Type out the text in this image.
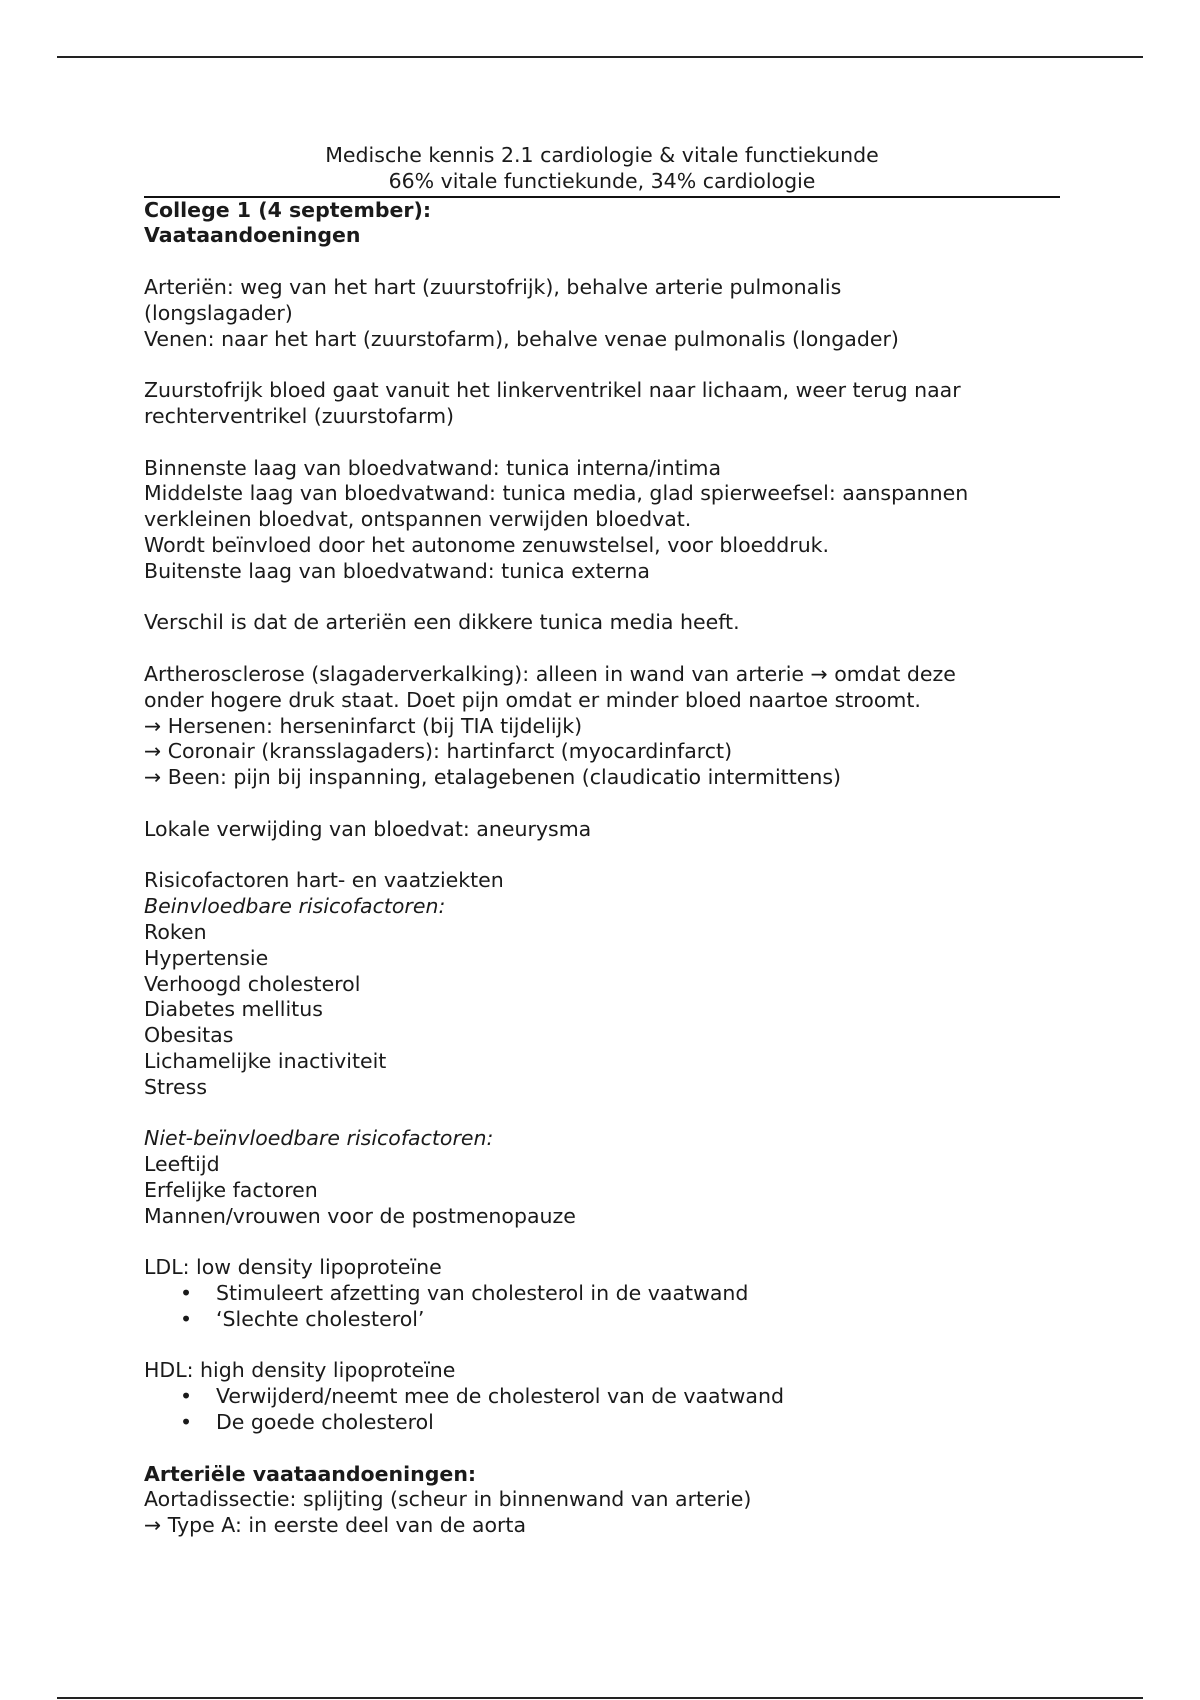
Medische kennis 2.1 cardiologie & vitale functiekunde
66% vitale functiekunde, 34% cardiologie
College 1 (4 september):
Vaataandoeningen
Arteriën: weg van het hart (zuurstofrijk), behalve arterie pulmonalis
(longslagader)
Venen: naar het hart (zuurstofarm), behalve venae pulmonalis (longader)
Zuurstofrijk bloed gaat vanuit het linkerventrikel naar lichaam, weer terug naar
rechterventrikel (zuurstofarm)
Binnenste laag van bloedvatwand: tunica interna/intima
Middelste laag van bloedvatwand: tunica media, glad spierweefsel: aanspannen
verkleinen bloedvat, ontspannen verwijden bloedvat.
Wordt beïnvloed door het autonome zenuwstelsel, voor bloeddruk.
Buitenste laag van bloedvatwand: tunica externa
Verschil is dat de arteriën een dikkere tunica media heeft.
Artherosclerose (slagaderverkalking): alleen in wand van arterie → omdat deze
onder hogere druk staat. Doet pijn omdat er minder bloed naartoe stroomt.
→ Hersenen: herseninfarct (bij TIA tijdelijk)
→ Coronair (kransslagaders): hartinfarct (myocardinfarct)
→ Been: pijn bij inspanning, etalagebenen (claudicatio intermittens)
Lokale verwijding van bloedvat: aneurysma
Risicofactoren hart- en vaatziekten
Beinvloedbare risicofactoren:
Roken
Hypertensie
Verhoogd cholesterol
Diabetes mellitus
Obesitas
Lichamelijke inactiviteit
Stress
Niet-beïnvloedbare risicofactoren:
Leeftijd
Erfelijke factoren
Mannen/vrouwen voor de postmenopauze
LDL: low density lipoproteïne
• Stimuleert afzetting van cholesterol in de vaatwand
• ‘Slechte cholesterol’
HDL: high density lipoproteïne
• Verwijderd/neemt mee de cholesterol van de vaatwand
• De goede cholesterol
Arteriële vaataandoeningen:
Aortadissectie: splijting (scheur in binnenwand van arterie)
→ Type A: in eerste deel van de aorta
